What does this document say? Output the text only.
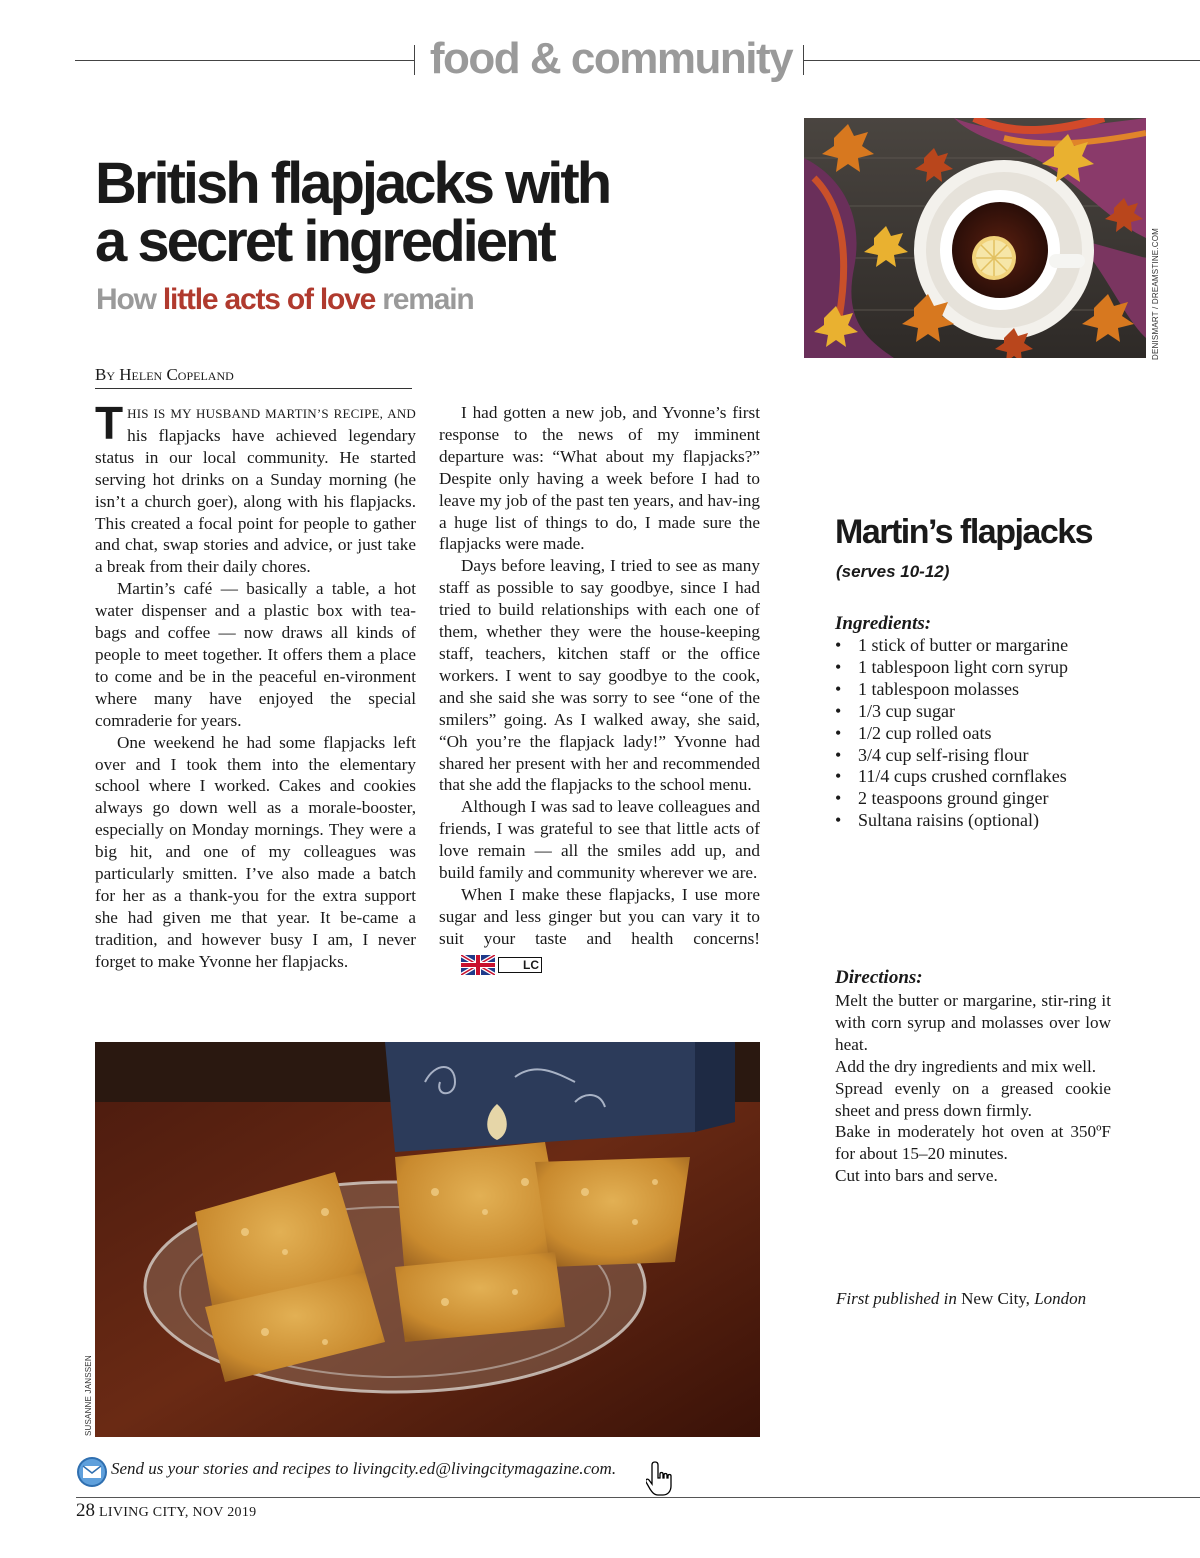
food & community
British flapjacks with
a secret ingredient
How little acts of love remain
By Helen Copeland

THIS IS MY HUSBAND MARTIN’S RECIPE, AND his flapjacks have achieved legendary status in our local community. He started serving hot drinks on a Sunday morning (he isn’t a church goer), along with his flapjacks. This created a focal point for people to gather and chat, swap stories and advice, or just take a break from their daily chores.

Martin’s café — basically a table, a hot water dispenser and a plastic box with tea-bags and coffee — now draws all kinds of people to meet together. It offers them a place to come and be in the peaceful en-vironment where many have enjoyed the special comraderie for years.

One weekend he had some flapjacks left over and I took them into the elementary school where I worked. Cakes and cookies always go down well as a morale-booster, especially on Monday mornings. They were a big hit, and one of my colleagues was particularly smitten. I’ve also made a batch for her as a thank-you for the extra support she had given me that year. It be-came a tradition, and however busy I am, I never forget to make Yvonne her flapjacks.

I had gotten a new job, and Yvonne’s first response to the news of my imminent departure was: “What about my flapjacks?” Despite only having a week before I had to leave my job of the past ten years, and hav-ing a huge list of things to do, I made sure the flapjacks were made.

Days before leaving, I tried to see as many staff as possible to say goodbye, since I had tried to build relationships with each one of them, whether they were the house-keeping staff, teachers, kitchen staff or the office workers. I went to say goodbye to the cook, and she said she was sorry to see “one of the smilers” going. As I walked away, she said, “Oh you’re the flapjack lady!” Yvonne had shared her present with her and recommended that she add the flapjacks to the school menu.

Although I was sad to leave colleagues and friends, I was grateful to see that little acts of love remain — all the smiles add up, and build family and community wherever we are.

When I make these flapjacks, I use more sugar and less ginger but you can vary it to suit your taste and health concerns!LC

DENISMART / DREAMSTINE.COM
Martin’s flapjacks
(serves 10-12)
Ingredients:
• 1 stick of butter or margarine
• 1 tablespoon light corn syrup
• 1 tablespoon molasses
• 1/3 cup sugar
• 1/2 cup rolled oats
• 3/4 cup self-rising flour
• 11/4 cups crushed cornflakes
• 2 teaspoons ground ginger
• Sultana raisins (optional)
Directions:
Melt the butter or margarine, stir-ring it with corn syrup and molasses over low heat.
Add the dry ingredients and mix well.
Spread evenly on a greased cookie sheet and press down firmly.
Bake in moderately hot oven at 350ºF for about 15–20 minutes.
Cut into bars and serve.
First published in New City, London
SUSANNE JANSSEN
Send us your stories and recipes to livingcity.ed@livingcitymagazine.com.
28 LIVING CITY, NOV 2019
